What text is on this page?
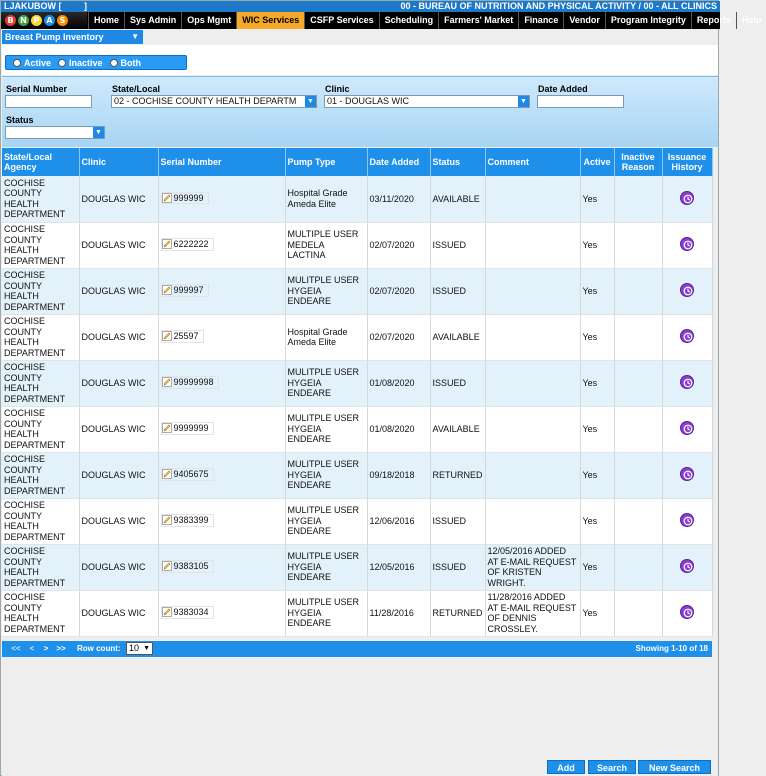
LJAKUBOW [	]	00 - BUREAU OF NUTRITION AND PHYSICAL ACTIVITY / 00 - ALL CLINICS
B N P A S	Home	Sys Admin	Ops Mgmt	WIC Services	CSFP Services	Scheduling	Farmers' Market	Finance	Vendor	Program Integrity	Reports	Help
Breast Pump Inventory	▼
Active Inactive Both
Serial Number	State/Local
02 - COCHISE COUNTY HEALTH DEPARTM ▼
Clinic
01 - DOUGLAS WIC	▼
Date Added
Status
▼
State/Local Agency	Clinic	Serial Number	Pump Type	Date Added	Status	Comment	Active	Inactive Reason	Issuance History
COCHISE COUNTY HEALTH DEPARTMENT	DOUGLAS WIC	999999	Hospital Grade Ameda Elite	03/11/2020	AVAILABLE		Yes		

COCHISE COUNTY HEALTH DEPARTMENT	DOUGLAS WIC	6222222	MULTIPLE USER MEDELA LACTINA	02/07/2020	ISSUED		Yes		

COCHISE COUNTY HEALTH DEPARTMENT	DOUGLAS WIC	999997	MULITPLE USER HYGEIA ENDEARE	02/07/2020	ISSUED		Yes		

COCHISE COUNTY HEALTH DEPARTMENT	DOUGLAS WIC	25597	Hospital Grade Ameda Elite	02/07/2020	AVAILABLE		Yes		

COCHISE COUNTY HEALTH DEPARTMENT	DOUGLAS WIC	99999998	MULITPLE USER HYGEIA ENDEARE	01/08/2020	ISSUED		Yes		

COCHISE COUNTY HEALTH DEPARTMENT	DOUGLAS WIC	9999999	MULITPLE USER HYGEIA ENDEARE	01/08/2020	AVAILABLE		Yes		

COCHISE COUNTY HEALTH DEPARTMENT	DOUGLAS WIC	9405675	MULITPLE USER HYGEIA ENDEARE	09/18/2018	RETURNED		Yes		

COCHISE COUNTY HEALTH DEPARTMENT	DOUGLAS WIC	9383399	MULITPLE USER HYGEIA ENDEARE	12/06/2016	ISSUED		Yes		

COCHISE COUNTY HEALTH DEPARTMENT	DOUGLAS WIC	9383105	MULITPLE USER HYGEIA ENDEARE	12/05/2016	ISSUED	12/05/2016 ADDED AT E-MAIL REQUEST OF KRISTEN WRIGHT.	Yes		

COCHISE COUNTY HEALTH DEPARTMENT	DOUGLAS WIC	9383034	MULITPLE USER HYGEIA ENDEARE	11/28/2016	RETURNED	11/28/2016 ADDED AT E-MAIL REQUEST OF DENNIS CROSSLEY.	Yes		
<<	<	>	>> Row count: 10 ▼	Showing 1-10 of 18
Add	Search	New Search
